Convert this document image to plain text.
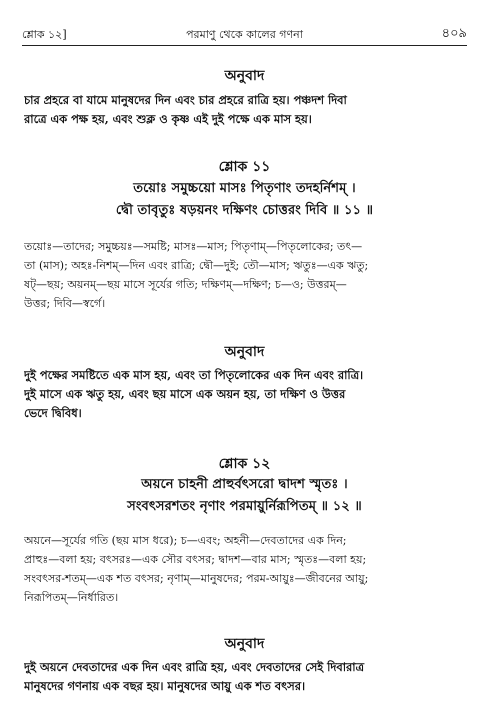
শ্লোক ১২]	পরমাণু থেকে কালের গণনা	৪০৯
অনুবাদ
চার প্রহরে বা যামে মানুষদের দিন এবং চার প্রহরে রাত্রি হয়। পঞ্চদশ দিবা
রাত্রে এক পক্ষ হয়, এবং শুক্ল ও কৃষ্ণ এই দুই পক্ষে এক মাস হয়।
শ্লোক ১১
তয়োঃ সমুচ্চয়ো মাসঃ পিতৃণাং তদহর্নিশম্ ।
দ্বৌ তাবৃতুঃ ষড়য়নং দক্ষিণং চোত্তরং দিবি ॥ ১১ ॥
তয়োঃ—তাদের; সমুচ্চয়ঃ—সমষ্টি; মাসঃ—মাস; পিতৃণাম্—পিতৃলোকের; তৎ—
তা (মাস); অহঃ-নিশম্—দিন এবং রাত্রি; দ্বৌ—দুই; তৌ—মাস; ঋতুঃ—এক ঋতু;
ষট্—ছয়; অয়নম্—ছয় মাসে সূর্যের গতি; দক্ষিণম্—দক্ষিণ; চ—ও; উত্তরম্—
উত্তর; দিবি—স্বর্গে।
অনুবাদ
দুই পক্ষের সমষ্টিতে এক মাস হয়, এবং তা পিতৃলোকের এক দিন এবং রাত্রি।
দুই মাসে এক ঋতু হয়, এবং ছয় মাসে এক অয়ন হয়, তা দক্ষিণ ও উত্তর
ভেদে দ্বিবিধ।
শ্লোক ১২
অয়নে চাহনী প্রাহুর্বৎসরো দ্বাদশ স্মৃতঃ ।
সংবৎসরশতং নৃণাং পরমায়ুর্নিরূপিতম্ ॥ ১২ ॥
অয়নে—সূর্যের গতি (ছয় মাস ধরে); চ—এবং; অহনী—দেবতাদের এক দিন;
প্রাহুঃ—বলা হয়; বৎসরঃ—এক সৌর বৎসর; দ্বাদশ—বার মাস; স্মৃতঃ—বলা হয়;
সংবৎসর-শতম্—এক শত বৎসর; নৃণাম্—মানুষদের; পরম-আয়ুঃ—জীবনের আয়ু;
নিরূপিতম্—নির্ধারিত।
অনুবাদ
দুই অয়নে দেবতাদের এক দিন এবং রাত্রি হয়, এবং দেবতাদের সেই দিবারাত্র
মানুষদের গণনায় এক বছর হয়। মানুষদের আয়ু এক শত বৎসর।
